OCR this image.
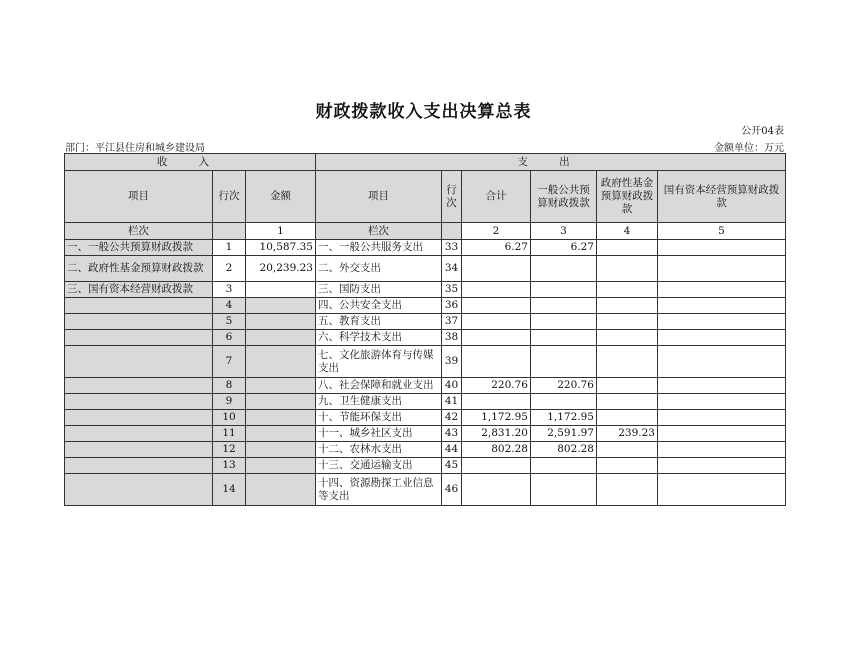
财政拨款收入支出决算总表
公开04表
部门：平江县住房和城乡建设局	金额单位：万元
收 入			支 出					
项目	行次	金额	项目	行次	合计	一般公共预算财政拨款	政府性基金预算财政拨款	国有资本经营预算财政拨款
栏次		1	栏次		2	3	4	5
一、一般公共预算财政拨款	1	10,587.35	一、一般公共服务支出	33	6.27	6.27		
二、政府性基金预算财政拨款	2	20,239.23	二、外交支出	34				
三、国有资本经营财政拨款	3		三、国防支出	35				
	4		四、公共安全支出	36				
	5		五、教育支出	37				
	6		六、科学技术支出	38				
	7		七、文化旅游体育与传媒支出	39				
	8		八、社会保障和就业支出	40	220.76	220.76		
	9		九、卫生健康支出	41				
	10		十、节能环保支出	42	1,172.95	1,172.95		
	11		十一、城乡社区支出	43	2,831.20	2,591.97	239.23	
	12		十二、农林水支出	44	802.28	802.28		
	13		十三、交通运输支出	45				
	14		十四、资源勘探工业信息等支出	46				
